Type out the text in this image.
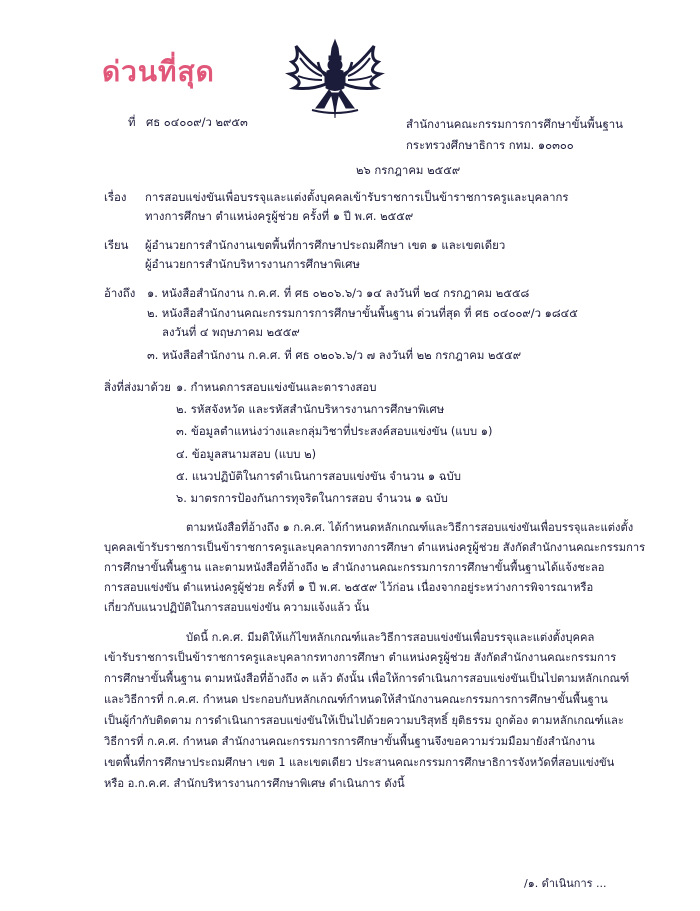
ด่วนที่สุด
ที่ ศธ ๐๔๐๐๙/ว ๒๙๕๓	สำนักงานคณะกรรมการการศึกษาขั้นพื้นฐาน
กระทรวงศึกษาธิการ กทม. ๑๐๓๐๐
๒๖ กรกฎาคม ๒๕๕๙
เรื่อง การสอบแข่งขันเพื่อบรรจุและแต่งตั้งบุคคลเข้ารับราชการเป็นข้าราชการครูและบุคลากร
ทางการศึกษา ตำแหน่งครูผู้ช่วย ครั้งที่ ๑ ปี พ.ศ. ๒๕๕๙
เรียน ผู้อำนวยการสำนักงานเขตพื้นที่การศึกษาประถมศึกษา เขต ๑ และเขตเดียว
ผู้อำนวยการสำนักบริหารงานการศึกษาพิเศษ
อ้างถึง ๑. หนังสือสำนักงาน ก.ค.ศ. ที่ ศธ ๐๒๐๖.๖/ว ๑๔ ลงวันที่ ๒๔ กรกฎาคม ๒๕๕๘
๒. หนังสือสำนักงานคณะกรรมการการศึกษาขั้นพื้นฐาน ด่วนที่สุด ที่ ศธ ๐๔๐๐๙/ว ๑๘๔๕
ลงวันที่ ๔ พฤษภาคม ๒๕๕๙
๓. หนังสือสำนักงาน ก.ค.ศ. ที่ ศธ ๐๒๐๖.๖/ว ๗ ลงวันที่ ๒๒ กรกฎาคม ๒๕๕๙
สิ่งที่ส่งมาด้วย ๑. กำหนดการสอบแข่งขันและตารางสอบ
๒. รหัสจังหวัด และรหัสสำนักบริหารงานการศึกษาพิเศษ
๓. ข้อมูลตำแหน่งว่างและกลุ่มวิชาที่ประสงค์สอบแข่งขัน (แบบ ๑)
๔. ข้อมูลสนามสอบ (แบบ ๒)
๕. แนวปฏิบัติในการดำเนินการสอบแข่งขัน จำนวน ๑ ฉบับ
๖. มาตรการป้องกันการทุจริตในการสอบ จำนวน ๑ ฉบับ
ตามหนังสือที่อ้างถึง ๑ ก.ค.ศ. ได้กำหนดหลักเกณฑ์และวิธีการสอบแข่งขันเพื่อบรรจุและแต่งตั้ง
บุคคลเข้ารับราชการเป็นข้าราชการครูและบุคลากรทางการศึกษา ตำแหน่งครูผู้ช่วย สังกัดสำนักงานคณะกรรมการ
การศึกษาขั้นพื้นฐาน และตามหนังสือที่อ้างถึง ๒ สำนักงานคณะกรรมการการศึกษาขั้นพื้นฐานได้แจ้งชะลอ
การสอบแข่งขัน ตำแหน่งครูผู้ช่วย ครั้งที่ ๑ ปี พ.ศ. ๒๕๕๙ ไว้ก่อน เนื่องจากอยู่ระหว่างการพิจารณาหรือ
เกี่ยวกับแนวปฏิบัติในการสอบแข่งขัน ความแจ้งแล้ว นั้น
บัดนี้ ก.ค.ศ. มีมติให้แก้ไขหลักเกณฑ์และวิธีการสอบแข่งขันเพื่อบรรจุและแต่งตั้งบุคคล
เข้ารับราชการเป็นข้าราชการครูและบุคลากรทางการศึกษา ตำแหน่งครูผู้ช่วย สังกัดสำนักงานคณะกรรมการ
การศึกษาขั้นพื้นฐาน ตามหนังสือที่อ้างถึง ๓ แล้ว ดังนั้น เพื่อให้การดำเนินการสอบแข่งขันเป็นไปตามหลักเกณฑ์
และวิธีการที่ ก.ค.ศ. กำหนด ประกอบกับหลักเกณฑ์กำหนดให้สำนักงานคณะกรรมการการศึกษาขั้นพื้นฐาน
เป็นผู้กำกับติดตาม การดำเนินการสอบแข่งขันให้เป็นไปด้วยความบริสุทธิ์ ยุติธรรม ถูกต้อง ตามหลักเกณฑ์และ
วิธีการที่ ก.ค.ศ. กำหนด สำนักงานคณะกรรมการการศึกษาขั้นพื้นฐานจึงขอความร่วมมือมายังสำนักงาน
เขตพื้นที่การศึกษาประถมศึกษา เขต 1 และเขตเดียว ประสานคณะกรรมการศึกษาธิการจังหวัดที่สอบแข่งขัน
หรือ อ.ก.ค.ศ. สำนักบริหารงานการศึกษาพิเศษ ดำเนินการ ดังนี้
/๑. ดำเนินการ ...
